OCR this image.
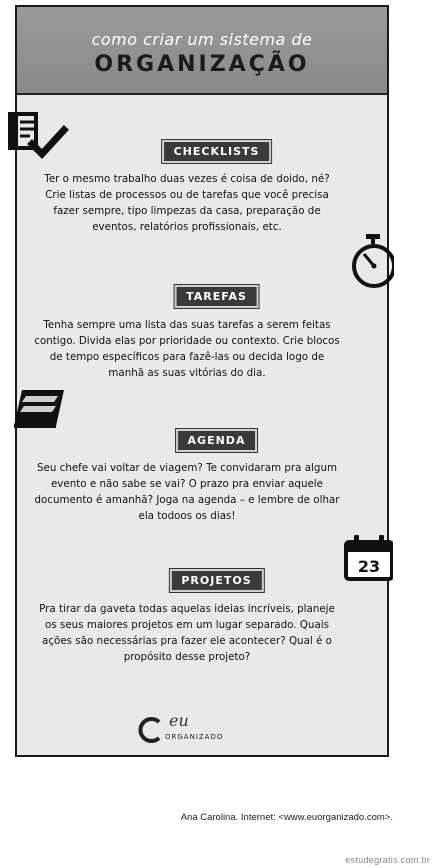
como criar um sistema de
ORGANIZAÇÃO
23
CHECKLISTS
Ter o mesmo trabalho duas vezes é coisa de doido, né? Crie listas de processos ou de tarefas que você precisa fazer sempre, tipo limpezas da casa, preparação de eventos, relatórios profissionais, etc.
TAREFAS
Tenha sempre uma lista das suas tarefas a serem feitas contigo. Divida elas por prioridade ou contexto. Crie blocos de tempo específicos para fazê-las ou decida logo de manhã as suas vitórias do dia.
AGENDA
Seu chefe vai voltar de viagem? Te convidaram pra algum evento e não sabe se vai? O prazo pra enviar aquele documento é amanhã? Joga na agenda – e lembre de olhar ela todoos os dias!
PROJETOS
Pra tirar da gaveta todas aquelas ideias incríveis, planeje os seus maiores projetos em um lugar separado. Quais ações são necessárias pra fazer ele acontecer? Qual é o propósito desse projeto?
eu
ORGANIZADO
Ana Carolina. Internet: <www.euorganizado.com>.
estudegratis.com.br
